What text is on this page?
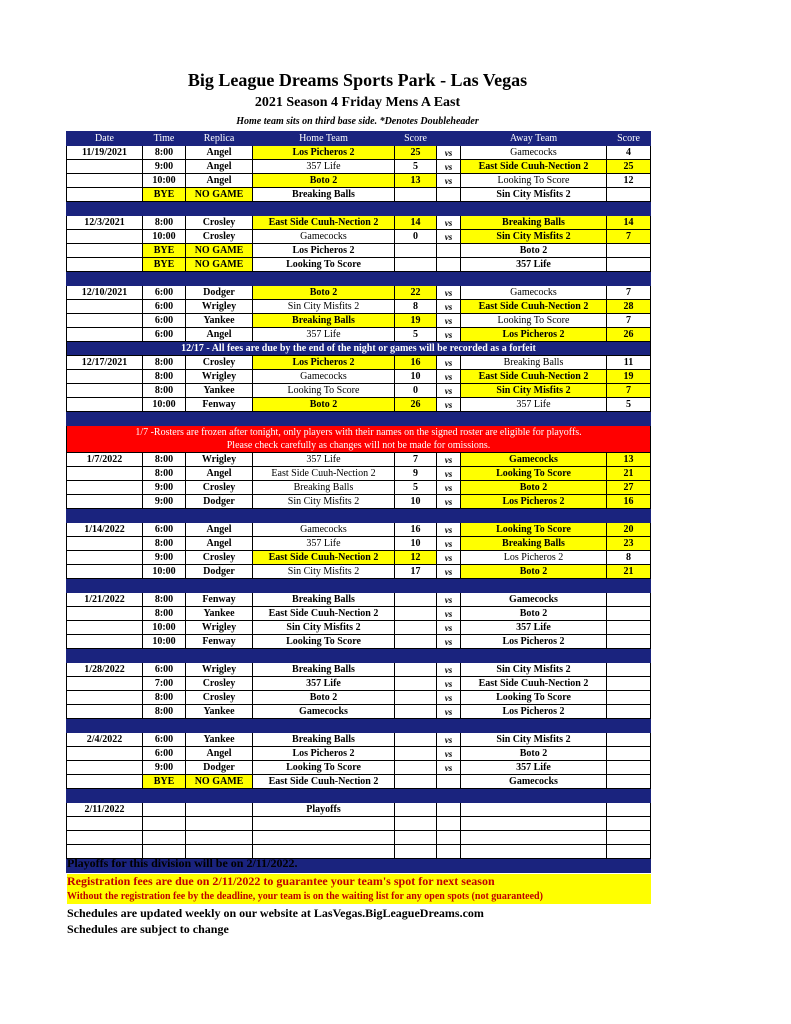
Big League Dreams Sports Park - Las Vegas
2021 Season 4 Friday Mens A East
Home team sits on third base side. *Denotes Doubleheader
Date	Time	Replica	Home Team	Score		Away Team	Score
11/19/2021	8:00	Angel	Los Picheros 2	25	vs	Gamecocks	4
	9:00	Angel	357 Life	5	vs	East Side Cuuh-Nection 2	25
	10:00	Angel	Boto 2	13	vs	Looking To Score	12
	BYE	NO GAME	Breaking Balls			Sin City Misfits 2	

12/3/2021	8:00	Crosley	East Side Cuuh-Nection 2	14	vs	Breaking Balls	14
	10:00	Crosley	Gamecocks	0	vs	Sin City Misfits 2	7
	BYE	NO GAME	Los Picheros 2			Boto 2	
	BYE	NO GAME	Looking To Score			357 Life	

12/10/2021	6:00	Dodger	Boto 2	22	vs	Gamecocks	7
	6:00	Wrigley	Sin City Misfits 2	8	vs	East Side Cuuh-Nection 2	28
	6:00	Yankee	Breaking Balls	19	vs	Looking To Score	7
	6:00	Angel	357 Life	5	vs	Los Picheros 2	26
12/17 - All fees are due by the end of the night or games will be recorded as a forfeit							
12/17/2021	8:00	Crosley	Los Picheros 2	16	vs	Breaking Balls	11
	8:00	Wrigley	Gamecocks	10	vs	East Side Cuuh-Nection 2	19
	8:00	Yankee	Looking To Score	0	vs	Sin City Misfits 2	7
	10:00	Fenway	Boto 2	26	vs	357 Life	5

1/7 -Rosters are frozen after tonight, only players with their names on the signed roster are eligible for playoffs.
Please check carefully as changes will not be made for omissions.							

1/7/2022	8:00	Wrigley	357 Life	7	vs	Gamecocks	13
	8:00	Angel	East Side Cuuh-Nection 2	9	vs	Looking To Score	21
	9:00	Crosley	Breaking Balls	5	vs	Boto 2	27
	9:00	Dodger	Sin City Misfits 2	10	vs	Los Picheros 2	16

1/14/2022	6:00	Angel	Gamecocks	16	vs	Looking To Score	20
	8:00	Angel	357 Life	10	vs	Breaking Balls	23
	9:00	Crosley	East Side Cuuh-Nection 2	12	vs	Los Picheros 2	8
	10:00	Dodger	Sin City Misfits 2	17	vs	Boto 2	21

1/21/2022	8:00	Fenway	Breaking Balls		vs	Gamecocks	
	8:00	Yankee	East Side Cuuh-Nection 2		vs	Boto 2	
	10:00	Wrigley	Sin City Misfits 2		vs	357 Life	
	10:00	Fenway	Looking To Score		vs	Los Picheros 2	

1/28/2022	6:00	Wrigley	Breaking Balls		vs	Sin City Misfits 2	
	7:00	Crosley	357 Life		vs	East Side Cuuh-Nection 2	
	8:00	Crosley	Boto 2		vs	Looking To Score	
	8:00	Yankee	Gamecocks		vs	Los Picheros 2	

2/4/2022	6:00	Yankee	Breaking Balls		vs	Sin City Misfits 2	
	6:00	Angel	Los Picheros 2		vs	Boto 2	
	9:00	Dodger	Looking To Score		vs	357 Life	
	BYE	NO GAME	East Side Cuuh-Nection 2			Gamecocks	

2/11/2022			Playoffs				

Playoffs for this division will be on 2/11/2022.
Registration fees are due on 2/11/2022 to guarantee your team's spot for next season
Without the registration fee by the deadline, your team is on the waiting list for any open spots (not guaranteed)
Schedules are updated weekly on our website at LasVegas.BigLeagueDreams.com
Schedules are subject to change
